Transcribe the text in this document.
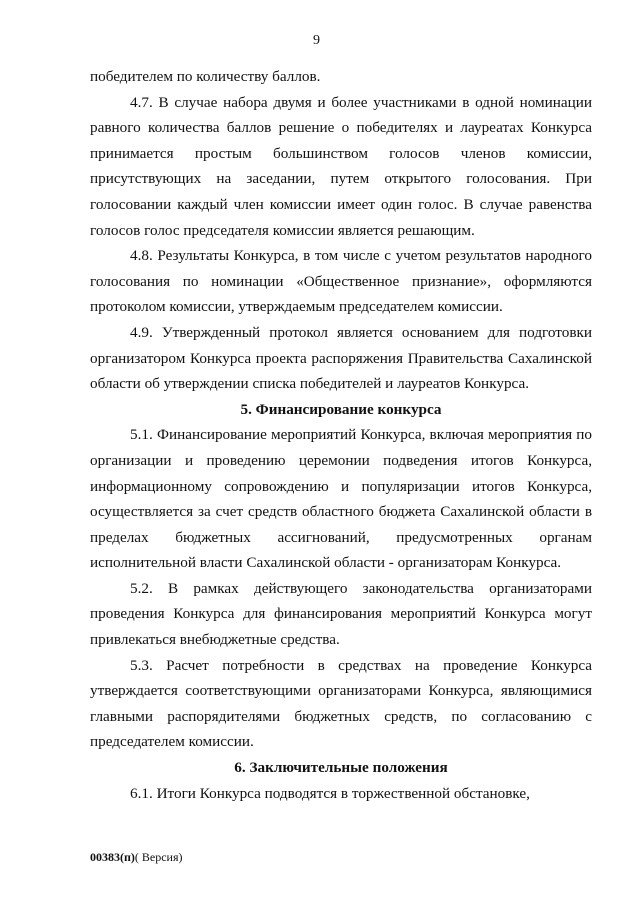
9

победителем по количеству баллов.

4.7. В случае набора двумя и более участниками в одной номинации равного количества баллов решение о победителях и лауреатах Конкурса принимается простым большинством голосов членов комиссии, присутствующих на заседании, путем открытого голосования. При голосовании каждый член комиссии имеет один голос. В случае равенства голосов голос председателя комиссии является решающим.

4.8. Результаты Конкурса, в том числе с учетом результатов народного голосования по номинации «Общественное признание», оформляются протоколом комиссии, утверждаемым председателем комиссии.

4.9. Утвержденный протокол является основанием для подготовки организатором Конкурса проекта распоряжения Правительства Сахалинской области об утверждении списка победителей и лауреатов Конкурса.

5. Финансирование конкурса

5.1. Финансирование мероприятий Конкурса, включая мероприятия по организации и проведению церемонии подведения итогов Конкурса, информационному сопровождению и популяризации итогов Конкурса, осуществляется за счет средств областного бюджета Сахалинской области в пределах бюджетных ассигнований, предусмотренных органам исполнительной власти Сахалинской области - организаторам Конкурса.

5.2. В рамках действующего законодательства организаторами проведения Конкурса для финансирования мероприятий Конкурса могут привлекаться внебюджетные средства.

5.3. Расчет потребности в средствах на проведение Конкурса утверждается соответствующими организаторами Конкурса, являющимися главными распорядителями бюджетных средств, по согласованию с председателем комиссии.

6. Заключительные положения

6.1. Итоги Конкурса подводятся в торжественной обстановке,

00383(п)( Версия)
